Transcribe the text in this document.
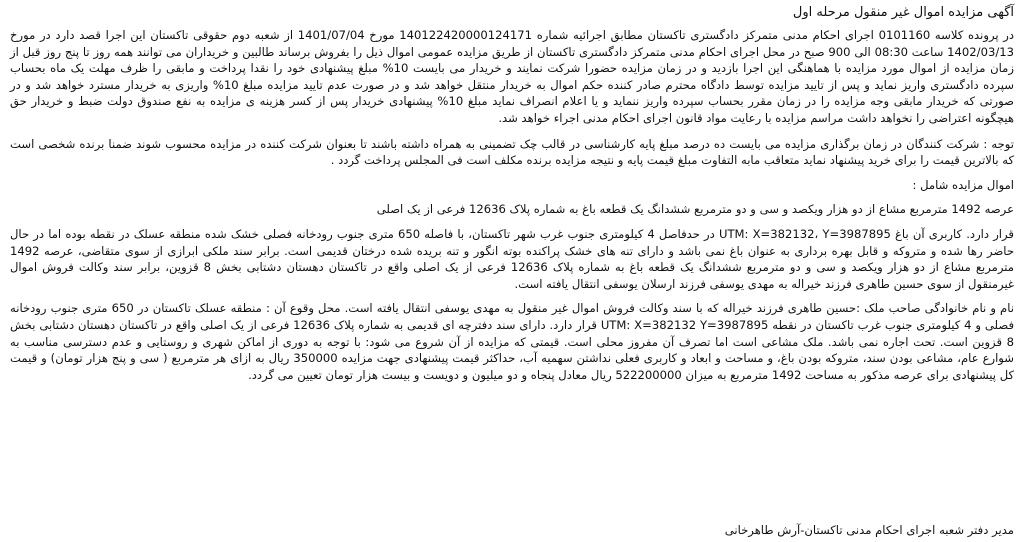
آگهی مزایده اموال غیر منقول مرحله اول

در پرونده کلاسه 0101160 اجرای احکام مدنی متمرکز دادگستری تاکستان مطابق اجرائیه شماره 140122420000124171 مورخ 1401/07/04 از شعبه دوم حقوقی تاکستان این اجرا قصد دارد در مورخ 1402/03/13 ساعت 08:30 الی 900 صبح در محل اجرای احکام مدنی متمرکز دادگستری تاکستان از طریق مزایده عمومی اموال ذیل را بفروش برساند طالبین و خریداران می توانند همه روز تا پنج روز قبل از زمان مزایده از اموال مورد مزایده با هماهنگی این اجرا بازدید و در زمان مزایده حضورا شرکت نمایند و خریدار می بایست 10% مبلغ پیشنهادی خود را نقدا پرداخت و مابقی را ظرف مهلت یک ماه بحساب سپرده دادگستری واریز نماید و پس از تایید مزایده توسط دادگاه محترم صادر کننده حکم اموال به خریدار منتقل خواهد شد و در صورت عدم تایید مزایده مبلغ 10% واریزی به خریدار مسترد خواهد شد و در صورتی که خریدار مابقی وجه مزایده را در زمان مقرر بحساب سپرده واریز ننماید و یا اعلام انصراف نماید مبلغ 10% پیشنهادی خریدار پس از کسر هزینه ی مزایده به نفع صندوق دولت ضبط و خریدار حق هیچگونه اعتراضی را نخواهد داشت مراسم مزایده با رعایت مواد قانون اجرای احکام مدنی اجراء خواهد شد.

توجه : شرکت کنندگان در زمان برگذاری مزایده می بایست ده درصد مبلغ پایه کارشناسی در قالب چک تضمینی به همراه داشته باشند تا بعنوان شرکت کننده در مزایده محسوب شوند ضمنا برنده شخصی است که بالاترین قیمت را برای خرید پیشنهاد نماید متعاقب مابه التفاوت مبلغ قیمت پایه و نتیجه مزایده برنده مکلف است فی المجلس پرداخت گردد .

اموال مزایده شامل :

عرصه 1492 مترمربع مشاع از دو هزار ویکصد و سی و دو مترمربع ششدانگ یک قطعه باغ به شماره پلاک 12636 فرعی از یک اصلی

قرار دارد. کاربری آن باغ UTM: X=382132، Y=3987895 در حدفاصل 4 کیلومتری جنوب غرب شهر تاکستان، با فاصله 650 متری جنوب رودخانه فصلی خشک شده منطقه عسلک در نقطه بوده اما در حال حاضر رها شده و متروکه و قابل بهره برداری به عنوان باغ نمی باشد و دارای تنه های خشک پراکنده بوته انگور و تنه بریده شده درختان قدیمی است. برابر سند ملکی ابرازی از سوی متقاضی، عرصه 1492 مترمربع مشاع از دو هزار ویکصد و سی و دو مترمربع ششدانگ یک قطعه باغ به شماره پلاک 12636 فرعی از یک اصلی واقع در تاکستان دهستان دشتابی بخش 8 قزوین، برابر سند وکالت فروش اموال غیرمنقول از سوی حسین طاهری فرزند خیراله به مهدی یوسفی فرزند ارسلان یوسفی انتقال یافته است.

نام و نام خانوادگی صاحب ملک :حسین طاهری فرزند خیراله که با سند وکالت فروش اموال غیر منقول به مهدی یوسفی انتقال یافته است. محل وقوع آن : منطقه عسلک تاکستان در 650 متری جنوب رودخانه فصلی و 4 کیلومتری جنوب غرب تاکستان در نقطه UTM: X=382132 Y=3987895 قرار دارد. دارای سند دفترچه ای قدیمی به شماره پلاک 12636 فرعی از یک اصلی واقع در تاکستان دهستان دشتابی بخش 8 قزوین است. تحت اجاره نمی باشد. ملک مشاعی است اما تصرف آن مفروز محلی است. قیمتی که مزایده از آن شروع می شود: با توجه به دوری از اماکن شهری و روستایی و عدم دسترسی مناسب به شوارع عام، مشاعی بودن سند، متروکه بودن باغ، و مساحت و ابعاد و کاربری فعلی نداشتن سهمیه آب، حداکثر قیمت پیشنهادی جهت مزایده 350000 ریال به ازای هر مترمربع ( سی و پنج هزار تومان) و قیمت کل پیشنهادی برای عرصه مذکور به مساحت 1492 مترمربع به میزان 522200000 ریال معادل پنجاه و دو میلیون و دویست و بیست هزار تومان تعیین می گردد.

مدیر دفتر شعبه اجرای احکام مدنی تاکستان-آرش طاهرخانی
